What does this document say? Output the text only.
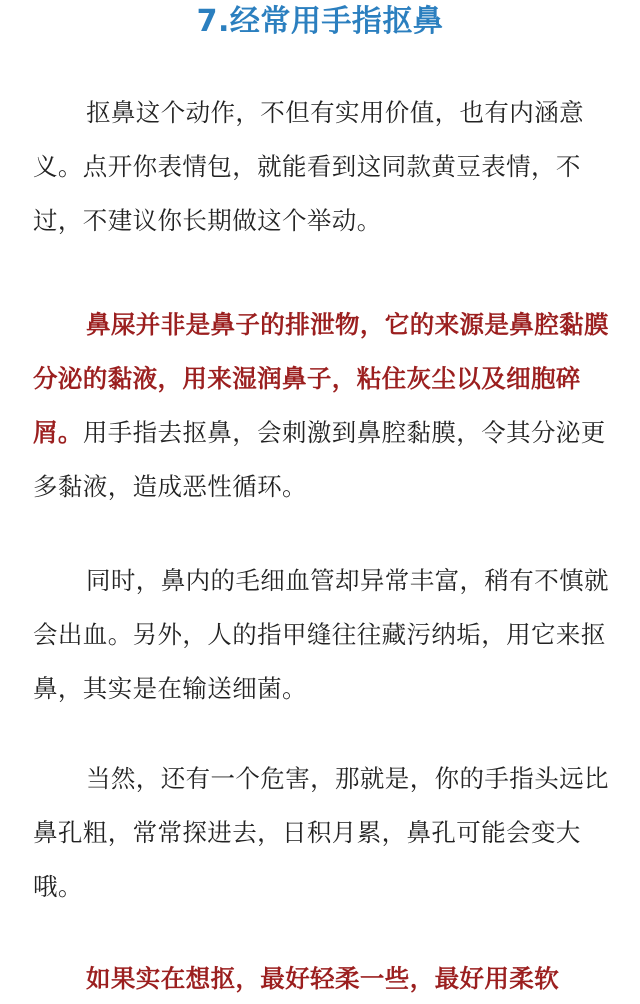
7.经常用手指抠鼻

抠鼻这个动作，不但有实用价值，也有内涵意义。点开你表情包，就能看到这同款黄豆表情，不过，不建议你长期做这个举动。

鼻屎并非是鼻子的排泄物，它的来源是鼻腔黏膜分泌的黏液，用来湿润鼻子，粘住灰尘以及细胞碎屑。用手指去抠鼻，会刺激到鼻腔黏膜，令其分泌更多黏液，造成恶性循环。

同时，鼻内的毛细血管却异常丰富，稍有不慎就会出血。另外，人的指甲缝往往藏污纳垢，用它来抠鼻，其实是在输送细菌。

当然，还有一个危害，那就是，你的手指头远比鼻孔粗，常常探进去，日积月累，鼻孔可能会变大哦。

如果实在想抠，最好轻柔一些，最好用柔软
